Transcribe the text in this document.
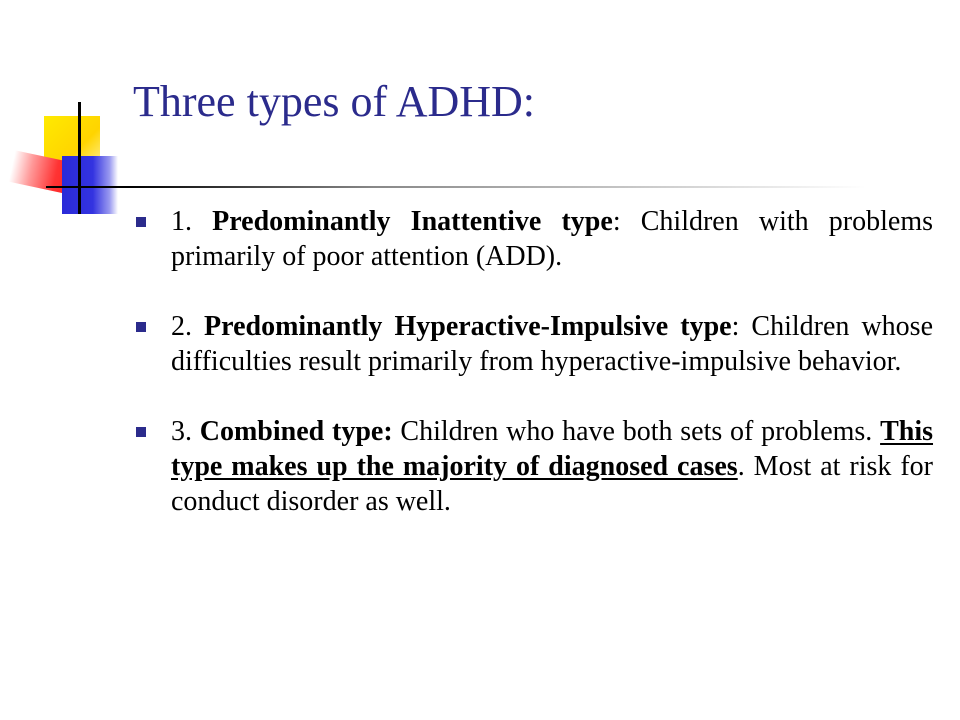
Three types of ADHD:
1. Predominantly Inattentive type: Children with problems primarily of poor attention (ADD).
2. Predominantly Hyperactive-Impulsive type: Children whose difficulties result primarily from hyperactive-impulsive behavior.
3. Combined type: Children who have both sets of problems. This type makes up the majority of diagnosed cases. Most at risk for conduct disorder as well.
